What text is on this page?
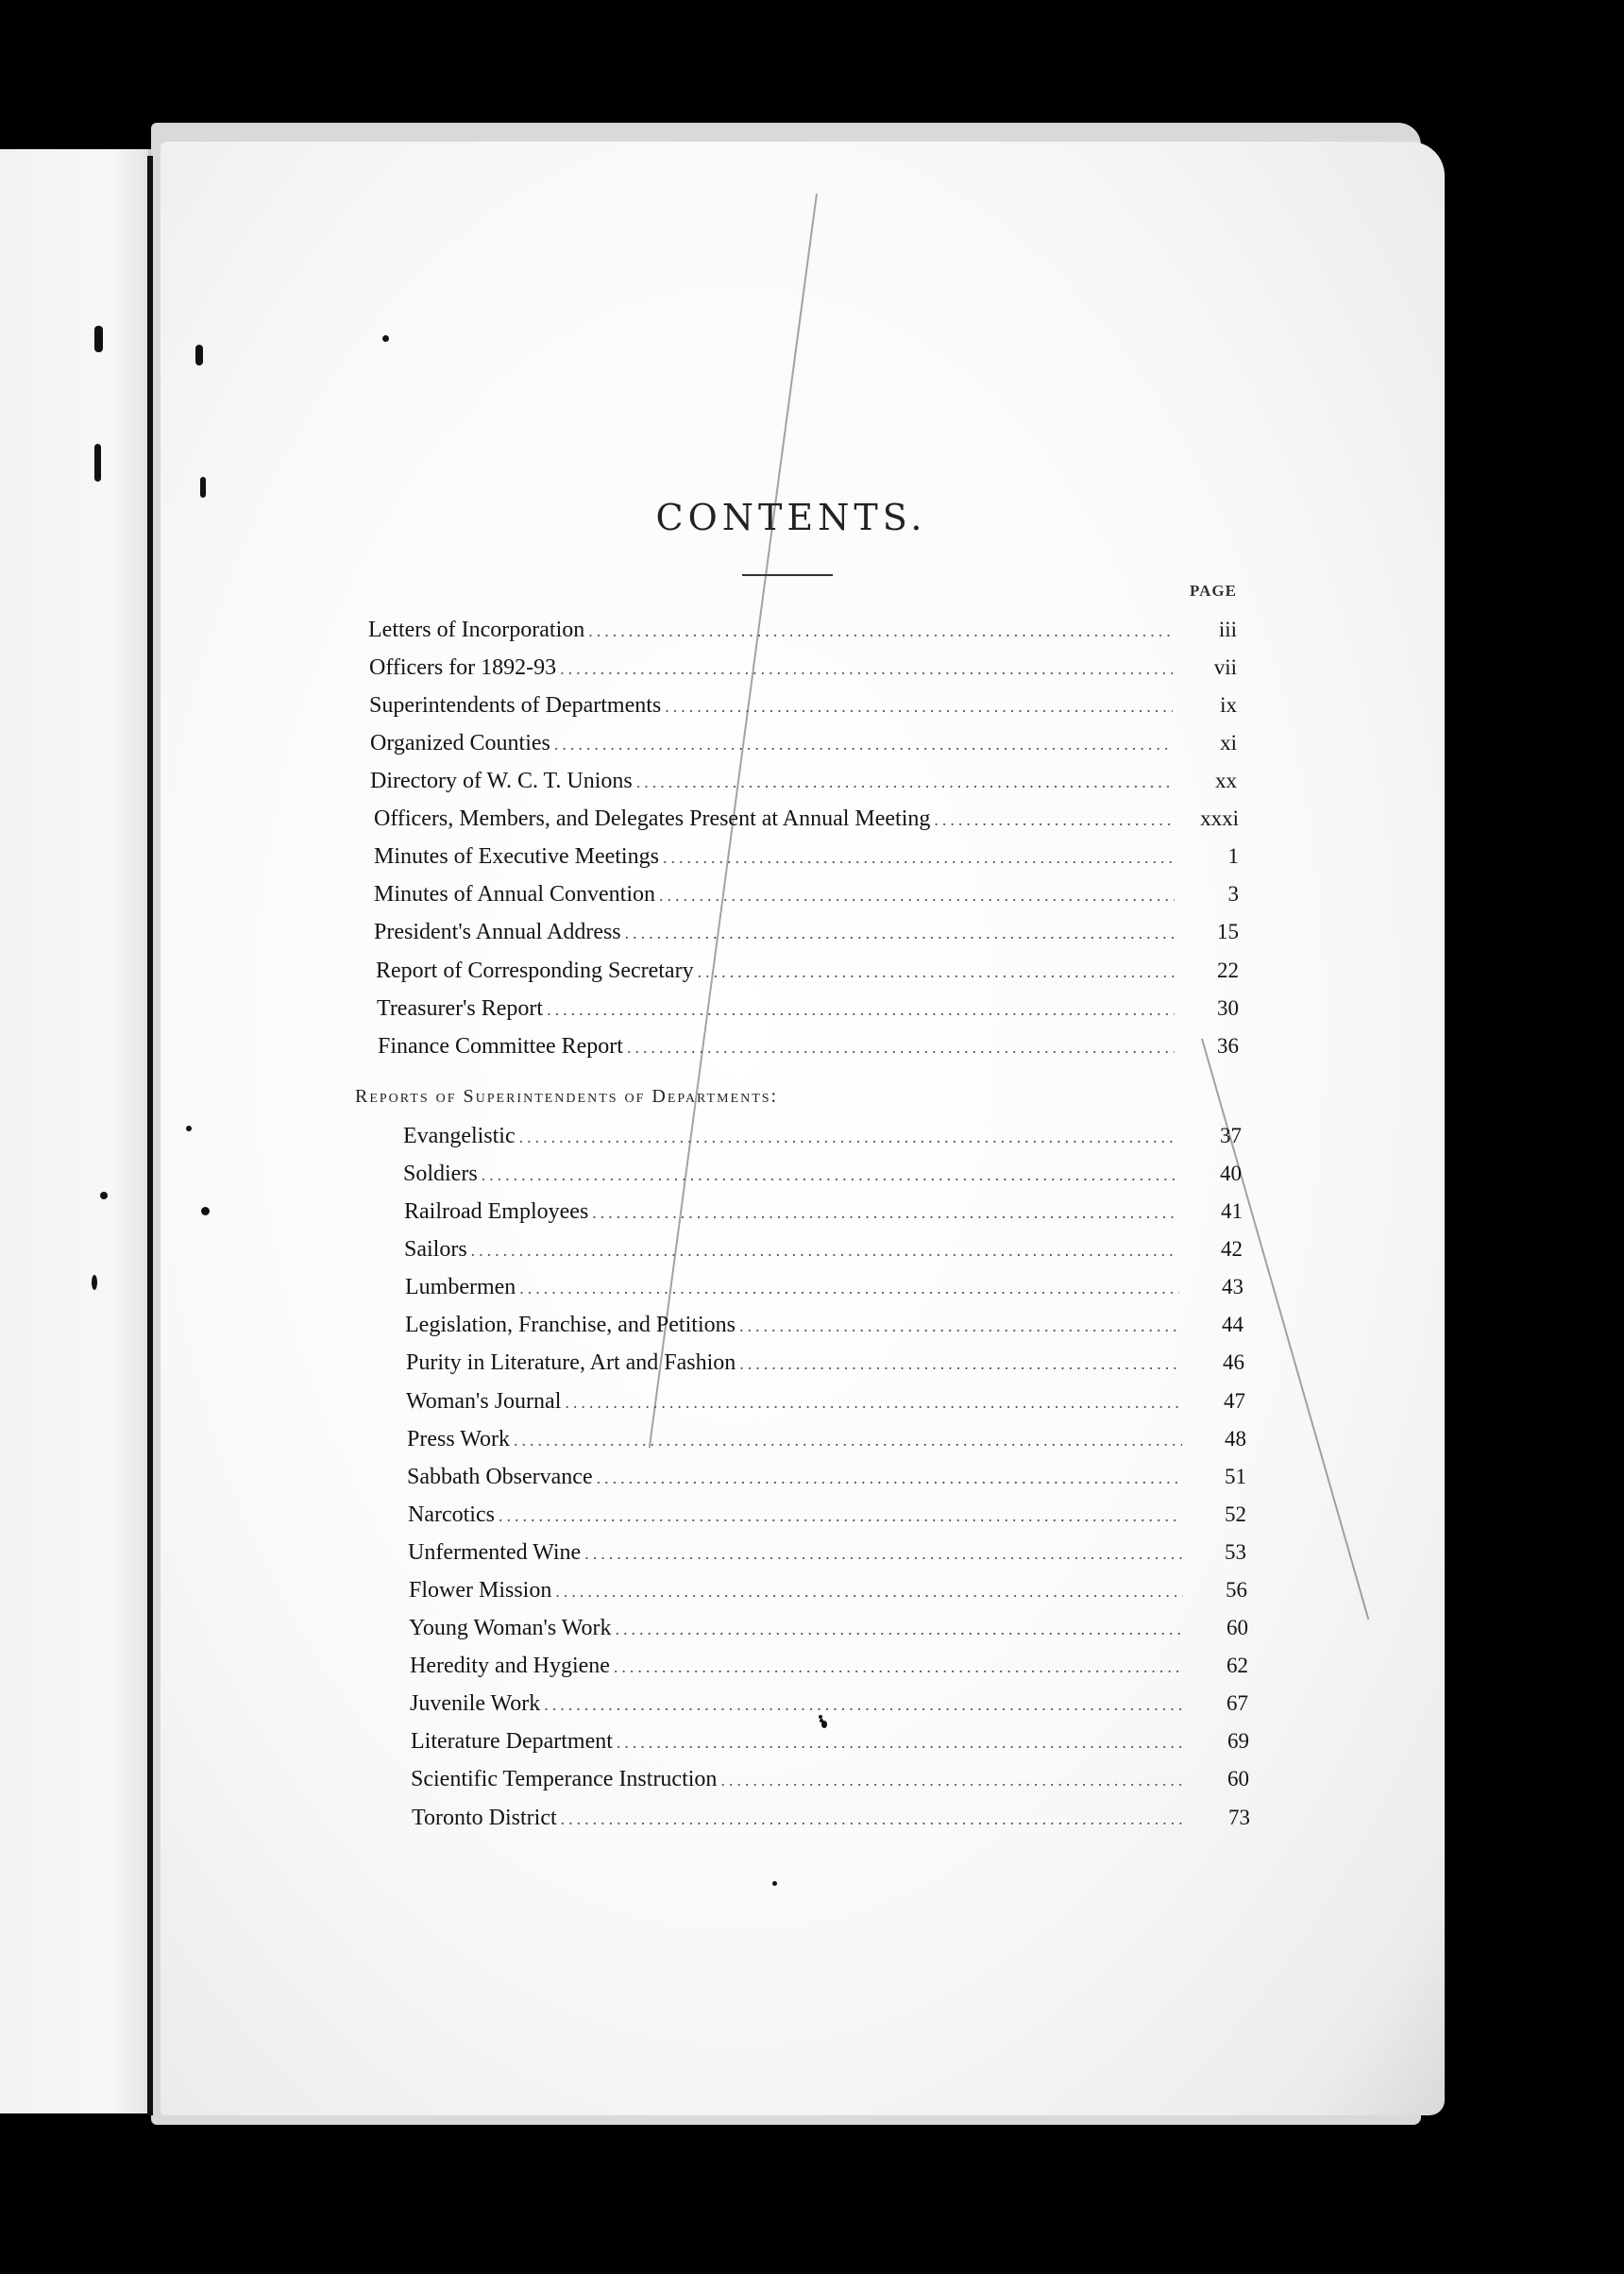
CONTENTS.
PAGE
Letters of Incorporation .....	iii
Officers for 1892-93 .....	vii
Superintendents of Departments .....	ix
Organized Counties .....	xi
Directory of W. C. T. Unions .....	xx
Officers, Members, and Delegates Present at Annual Meeting .....	xxxi
Minutes of Executive Meetings .....	1
Minutes of Annual Convention .....	3
President's Annual Address .....	15
Report of Corresponding Secretary .....	22
Treasurer's Report .....	30
Finance Committee Report .....	36
Reports of Superintendents of Departments:
Evangelistic .....	37
Soldiers .....	40
Railroad Employees .....	41
Sailors .....	42
Lumbermen .....	43
Legislation, Franchise, and Petitions .....	44
Purity in Literature, Art and Fashion .....	46
Woman's Journal .....	47
Press Work .....	48
Sabbath Observance .....	51
Narcotics .....	52
Unfermented Wine .....	53
Flower Mission .....	56
Young Woman's Work .....	60
Heredity and Hygiene .....	62
Juvenile Work .....	67
Literature Department .....	69
Scientific Temperance Instruction .....	60
Toronto District .....	73
